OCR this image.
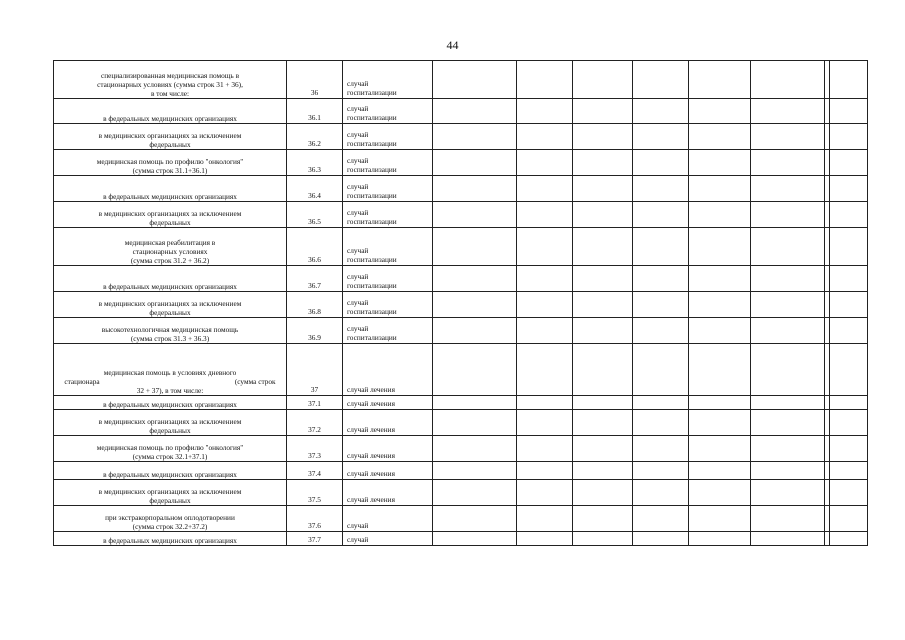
44
специализированная медицинская помощь в
стационарных условиях (сумма строк 31 + 36),
в том числе:	36	случай
госпитализации								

в федеральных медицинских организациях	36.1	случай
госпитализации								

в медицинских организациях за исключением
федеральных	36.2	случай
госпитализации								

медицинская помощь по профилю "онкология"
(сумма строк 31.1+36.1)	36.3	случай
госпитализации								

в федеральных медицинских организациях	36.4	случай
госпитализации								

в медицинских организациях за исключением
федеральных	36.5	случай
госпитализации								

медицинская реабилитация в
стационарных условиях
(сумма строк 31.2 + 36.2)	36.6	случай
госпитализации								

в федеральных медицинских организациях	36.7	случай
госпитализации								

в медицинских организациях за исключением
федеральных	36.8	случай
госпитализации								

высокотехнологичная медицинская помощь
(сумма строк 31.3 + 36.3)	36.9	случай
госпитализации								

медицинская помощь в условиях дневного
стационара (сумма строк
32 + 37), в том числе:	37	случай лечения								

в федеральных медицинских организациях	37.1	случай лечения								

в медицинских организациях за исключением
федеральных	37.2	случай лечения								

медицинская помощь по профилю "онкология"
(сумма строк 32.1+37.1)	37.3	случай лечения								

в федеральных медицинских организациях	37.4	случай лечения								

в медицинских организациях за исключением
федеральных	37.5	случай лечения								

при экстракорпоральном оплодотворении
(сумма строк 32.2+37.2)	37.6	случай								

в федеральных медицинских организациях	37.7	случай								
